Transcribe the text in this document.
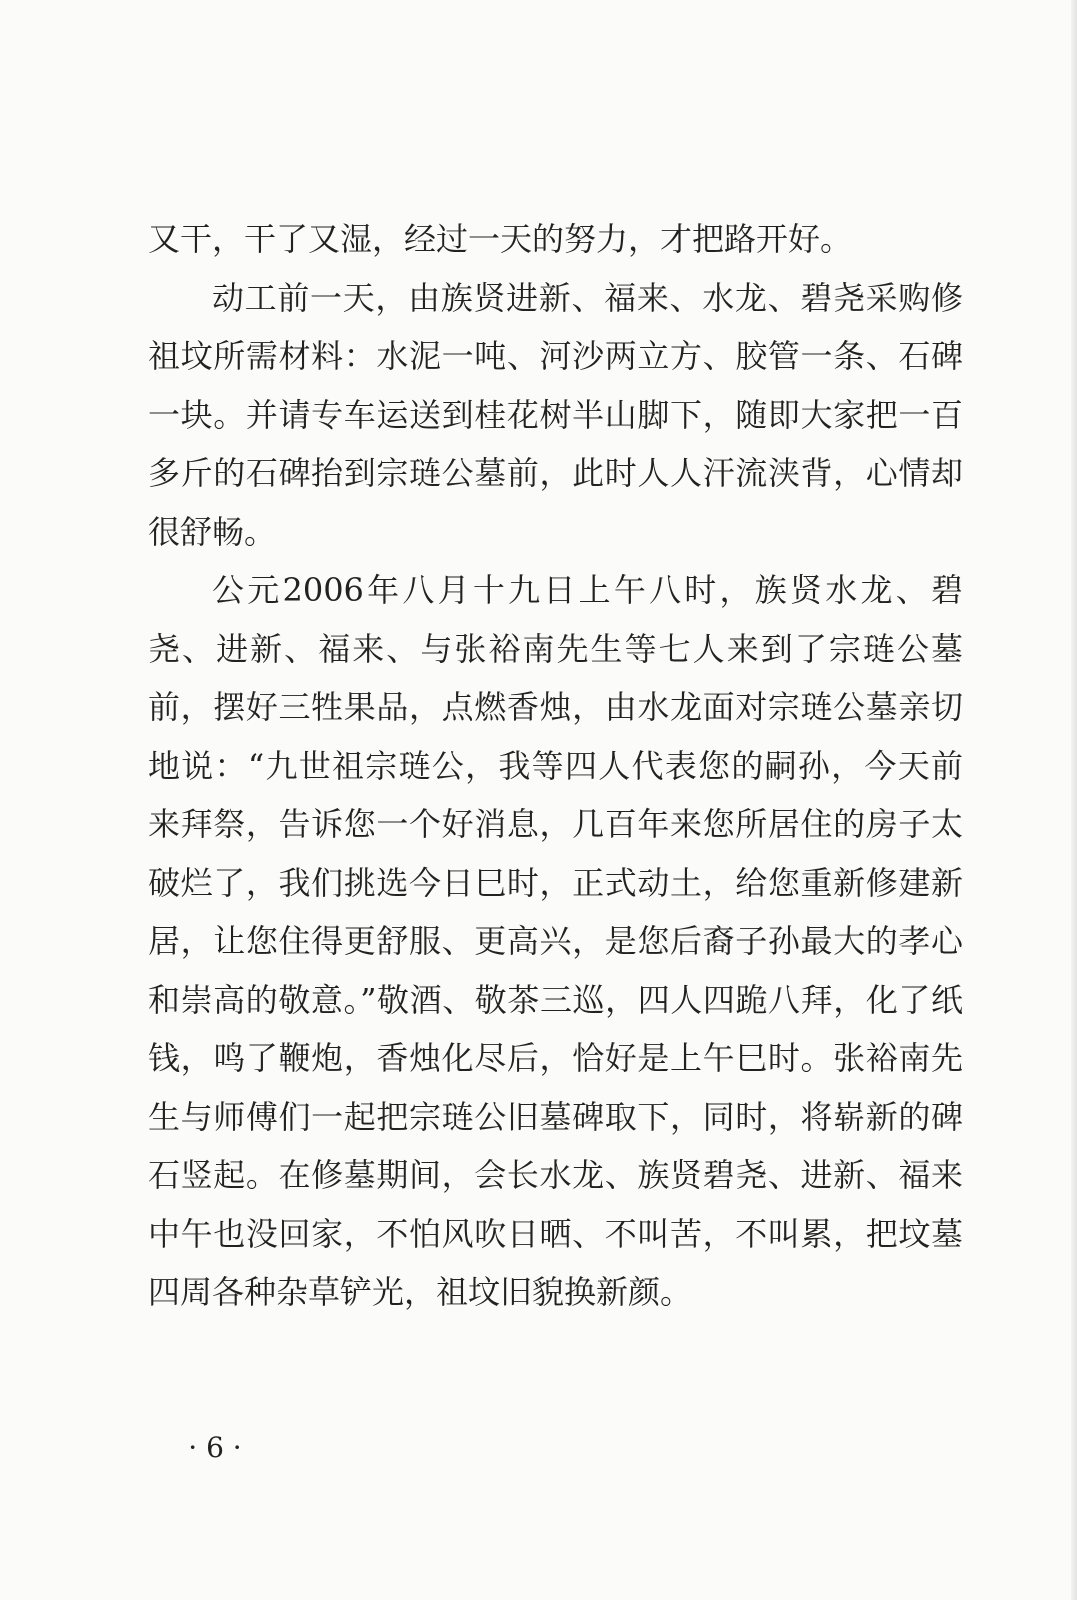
又干，干了又湿，经过一天的努力，才把路开好。

动工前一天，由族贤进新、福来、水龙、碧尧采购修祖坟所需材料：水泥一吨、河沙两立方、胶管一条、石碑一块。并请专车运送到桂花树半山脚下，随即大家把一百多斤的石碑抬到宗琏公墓前，此时人人汗流浃背，心情却很舒畅。

公元2006年八月十九日上午八时，族贤水龙、碧尧、进新、福来、与张裕南先生等七人来到了宗琏公墓前，摆好三牲果品，点燃香烛，由水龙面对宗琏公墓亲切地说：“九世祖宗琏公，我等四人代表您的嗣孙，今天前来拜祭，告诉您一个好消息，几百年来您所居住的房子太破烂了，我们挑选今日巳时，正式动土，给您重新修建新居，让您住得更舒服、更高兴，是您后裔子孙最大的孝心和崇高的敬意。”敬酒、敬茶三巡，四人四跪八拜，化了纸钱，鸣了鞭炮，香烛化尽后，恰好是上午巳时。张裕南先生与师傅们一起把宗琏公旧墓碑取下，同时，将崭新的碑石竖起。在修墓期间，会长水龙、族贤碧尧、进新、福来中午也没回家，不怕风吹日晒、不叫苦，不叫累，把坟墓四周各种杂草铲光，祖坟旧貌换新颜。

· 6 ·
